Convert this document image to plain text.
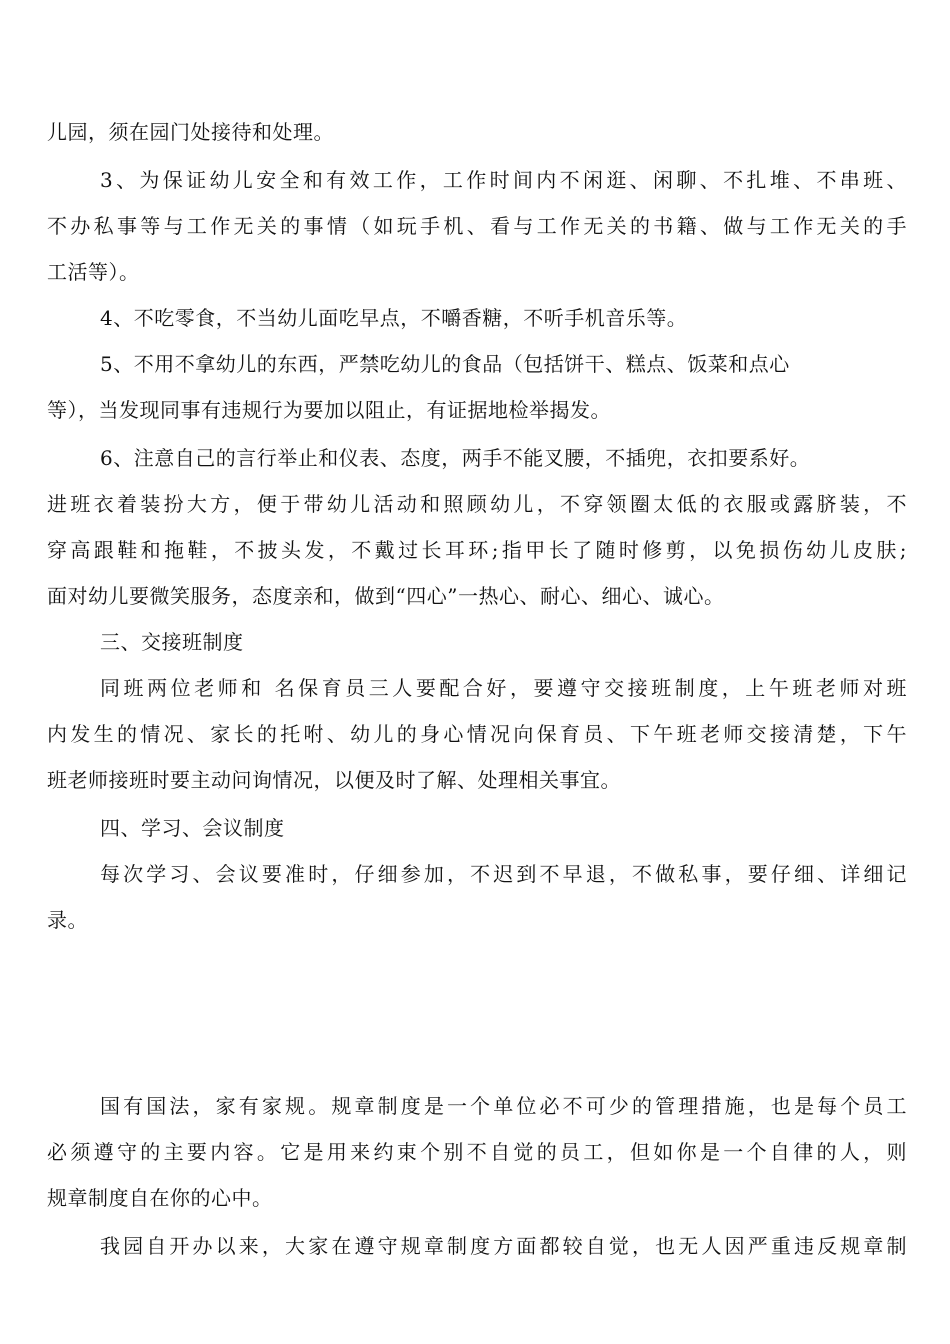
儿园，须在园门处接待和处理。
3、为保证幼儿安全和有效工作，工作时间内不闲逛、闲聊、不扎堆、不串班、
不办私事等与工作无关的事情（如玩手机、看与工作无关的书籍、做与工作无关的手
工活等）。
4、不吃零食，不当幼儿面吃早点，不嚼香糖，不听手机音乐等。
5、不用不拿幼儿的东西，严禁吃幼儿的食品（包括饼干、糕点、饭菜和点心
等），当发现同事有违规行为要加以阻止，有证据地检举揭发。
6、注意自己的言行举止和仪表、态度，两手不能叉腰，不插兜，衣扣要系好。
进班衣着装扮大方，便于带幼儿活动和照顾幼儿，不穿领圈太低的衣服或露脐装，不
穿高跟鞋和拖鞋，不披头发，不戴过长耳环;指甲长了随时修剪，以免损伤幼儿皮肤;
面对幼儿要微笑服务，态度亲和，做到“四心”一热心、耐心、细心、诚心。
三、交接班制度
同班两位老师和 名保育员三人要配合好，要遵守交接班制度，上午班老师对班
内发生的情况、家长的托咐、幼儿的身心情况向保育员、下午班老师交接清楚，下午
班老师接班时要主动问询情况，以便及时了解、处理相关事宜。
四、学习、会议制度
每次学习、会议要准时，仔细参加，不迟到不早退，不做私事，要仔细、详细记
录。
国有国法，家有家规。规章制度是一个单位必不可少的管理措施，也是每个员工
必须遵守的主要内容。它是用来约束个别不自觉的员工，但如你是一个自律的人，则
规章制度自在你的心中。
我园自开办以来，大家在遵守规章制度方面都较自觉，也无人因严重违反规章制
